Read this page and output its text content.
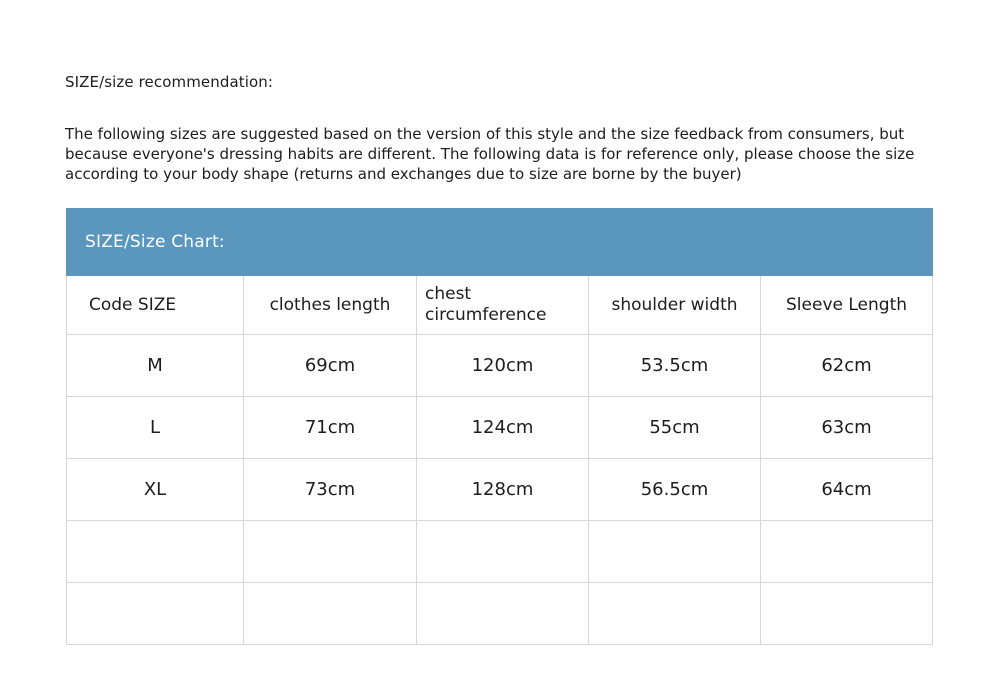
SIZE/size recommendation:

The following sizes are suggested based on the version of this style and the size feedback from consumers, but because everyone's dressing habits are different. The following data is for reference only, please choose the size according to your body shape (returns and exchanges due to size are borne by the buyer)

SIZE/Size Chart:				
Code SIZE	clothes length	chest circumference	shoulder width	Sleeve Length
M	69cm	120cm	53.5cm	62cm
L	71cm	124cm	55cm	63cm
XL	73cm	128cm	56.5cm	64cm
